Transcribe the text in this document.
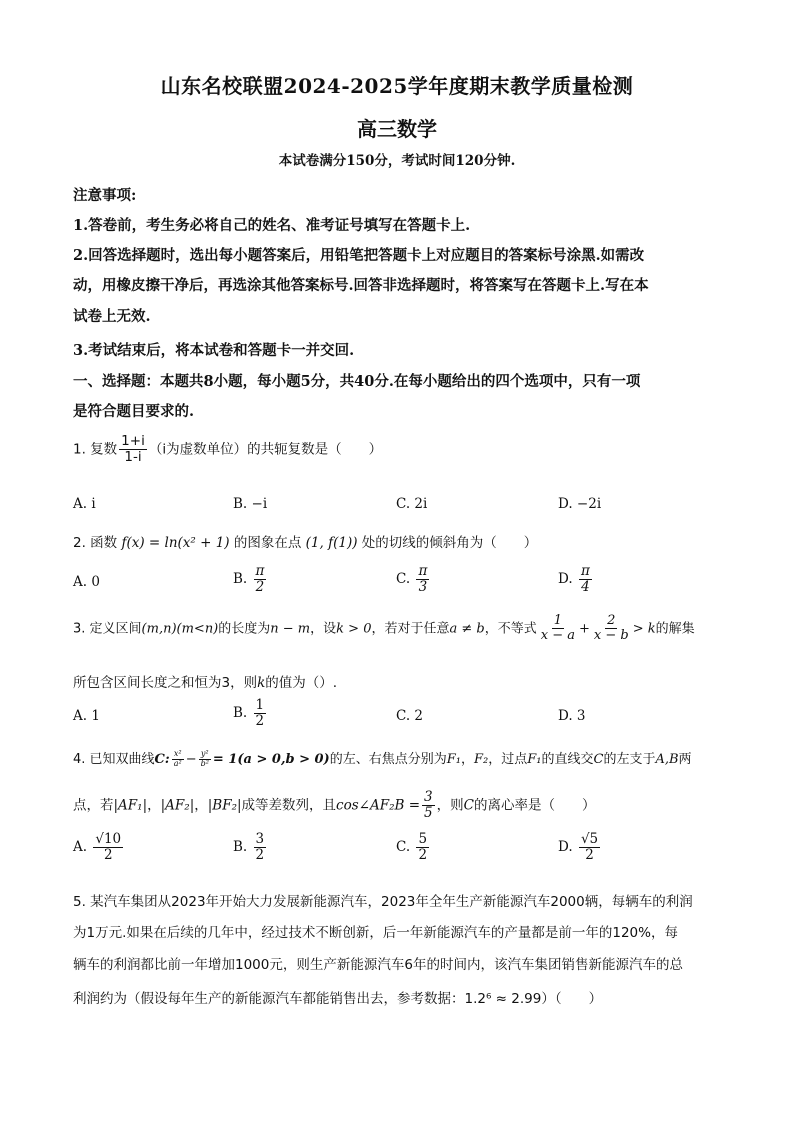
山东名校联盟2024-2025学年度期末教学质量检测
高三数学
本试卷满分150分，考试时间120分钟.
注意事项:
1.答卷前，考生务必将自己的姓名、准考证号填写在答题卡上.
2.回答选择题时，选出每小题答案后，用铅笔把答题卡上对应题目的答案标号涂黑.如需改
动，用橡皮擦干净后，再选涂其他答案标号.回答非选择题时，将答案写在答题卡上.写在本
试卷上无效.
3.考试结束后，将本试卷和答题卡一并交回.
一、选择题：本题共8小题，每小题5分，共40分.在每小题给出的四个选项中，只有一项
是符合题目要求的.
1. 复数 $\frac{1+i}{1-i} (i$为虚数单位）的共轭复数是（　　）
A. i	B. −i	C. 2i	D. −2i
2. 函数 f(x) = ln(x² + 1) 的图象在点 (1, f(1)) 处的切线的倾斜角为（　　）
A. 0	B. $\frac{\pi}{2}$	C. $\frac{\pi}{3}$	D. $\frac{\pi}{4}$
3. 定义区间(m,n)(m<n)的长度为n − m，设k > 0，若对于任意a ≠ b，不等式 $\frac{1}{x - a} + \frac{2}{x - b} > k$的解集
所包含区间长度之和恒为3，则k的值为（）.
A. 1	B. $\frac{1}{2}$	C. 2	D. 3
4. 已知双曲线C: $\frac{\text{x²}}{\text{a²}} - \frac{\text{y²}}{\text{b²}} = 1(a > 0,b > 0)$的左、右焦点分别为F₁，F₂，过点F₁的直线交C的左支于A,B两
点，若|AF₁|，|AF₂|，|BF₂|成等差数列，且cos∠AF₂B = $\frac{3}{5}$ ，则C的离心率是（　　）
A. $\frac{√10}{2}$	B. $\frac{3}{2}$	C. $\frac{5}{2}$	D. $\frac{√5}{2}$
5. 某汽车集团从2023年开始大力发展新能源汽车，2023年全年生产新能源汽车2000辆，每辆车的利润
为1万元.如果在后续的几年中，经过技术不断创新，后一年新能源汽车的产量都是前一年的120%，每
辆车的利润都比前一年增加1000元，则生产新能源汽车6年的时间内，该汽车集团销售新能源汽车的总
利润约为（假设每年生产的新能源汽车都能销售出去，参考数据：1.2⁶ ≈ 2.99）（　　）
